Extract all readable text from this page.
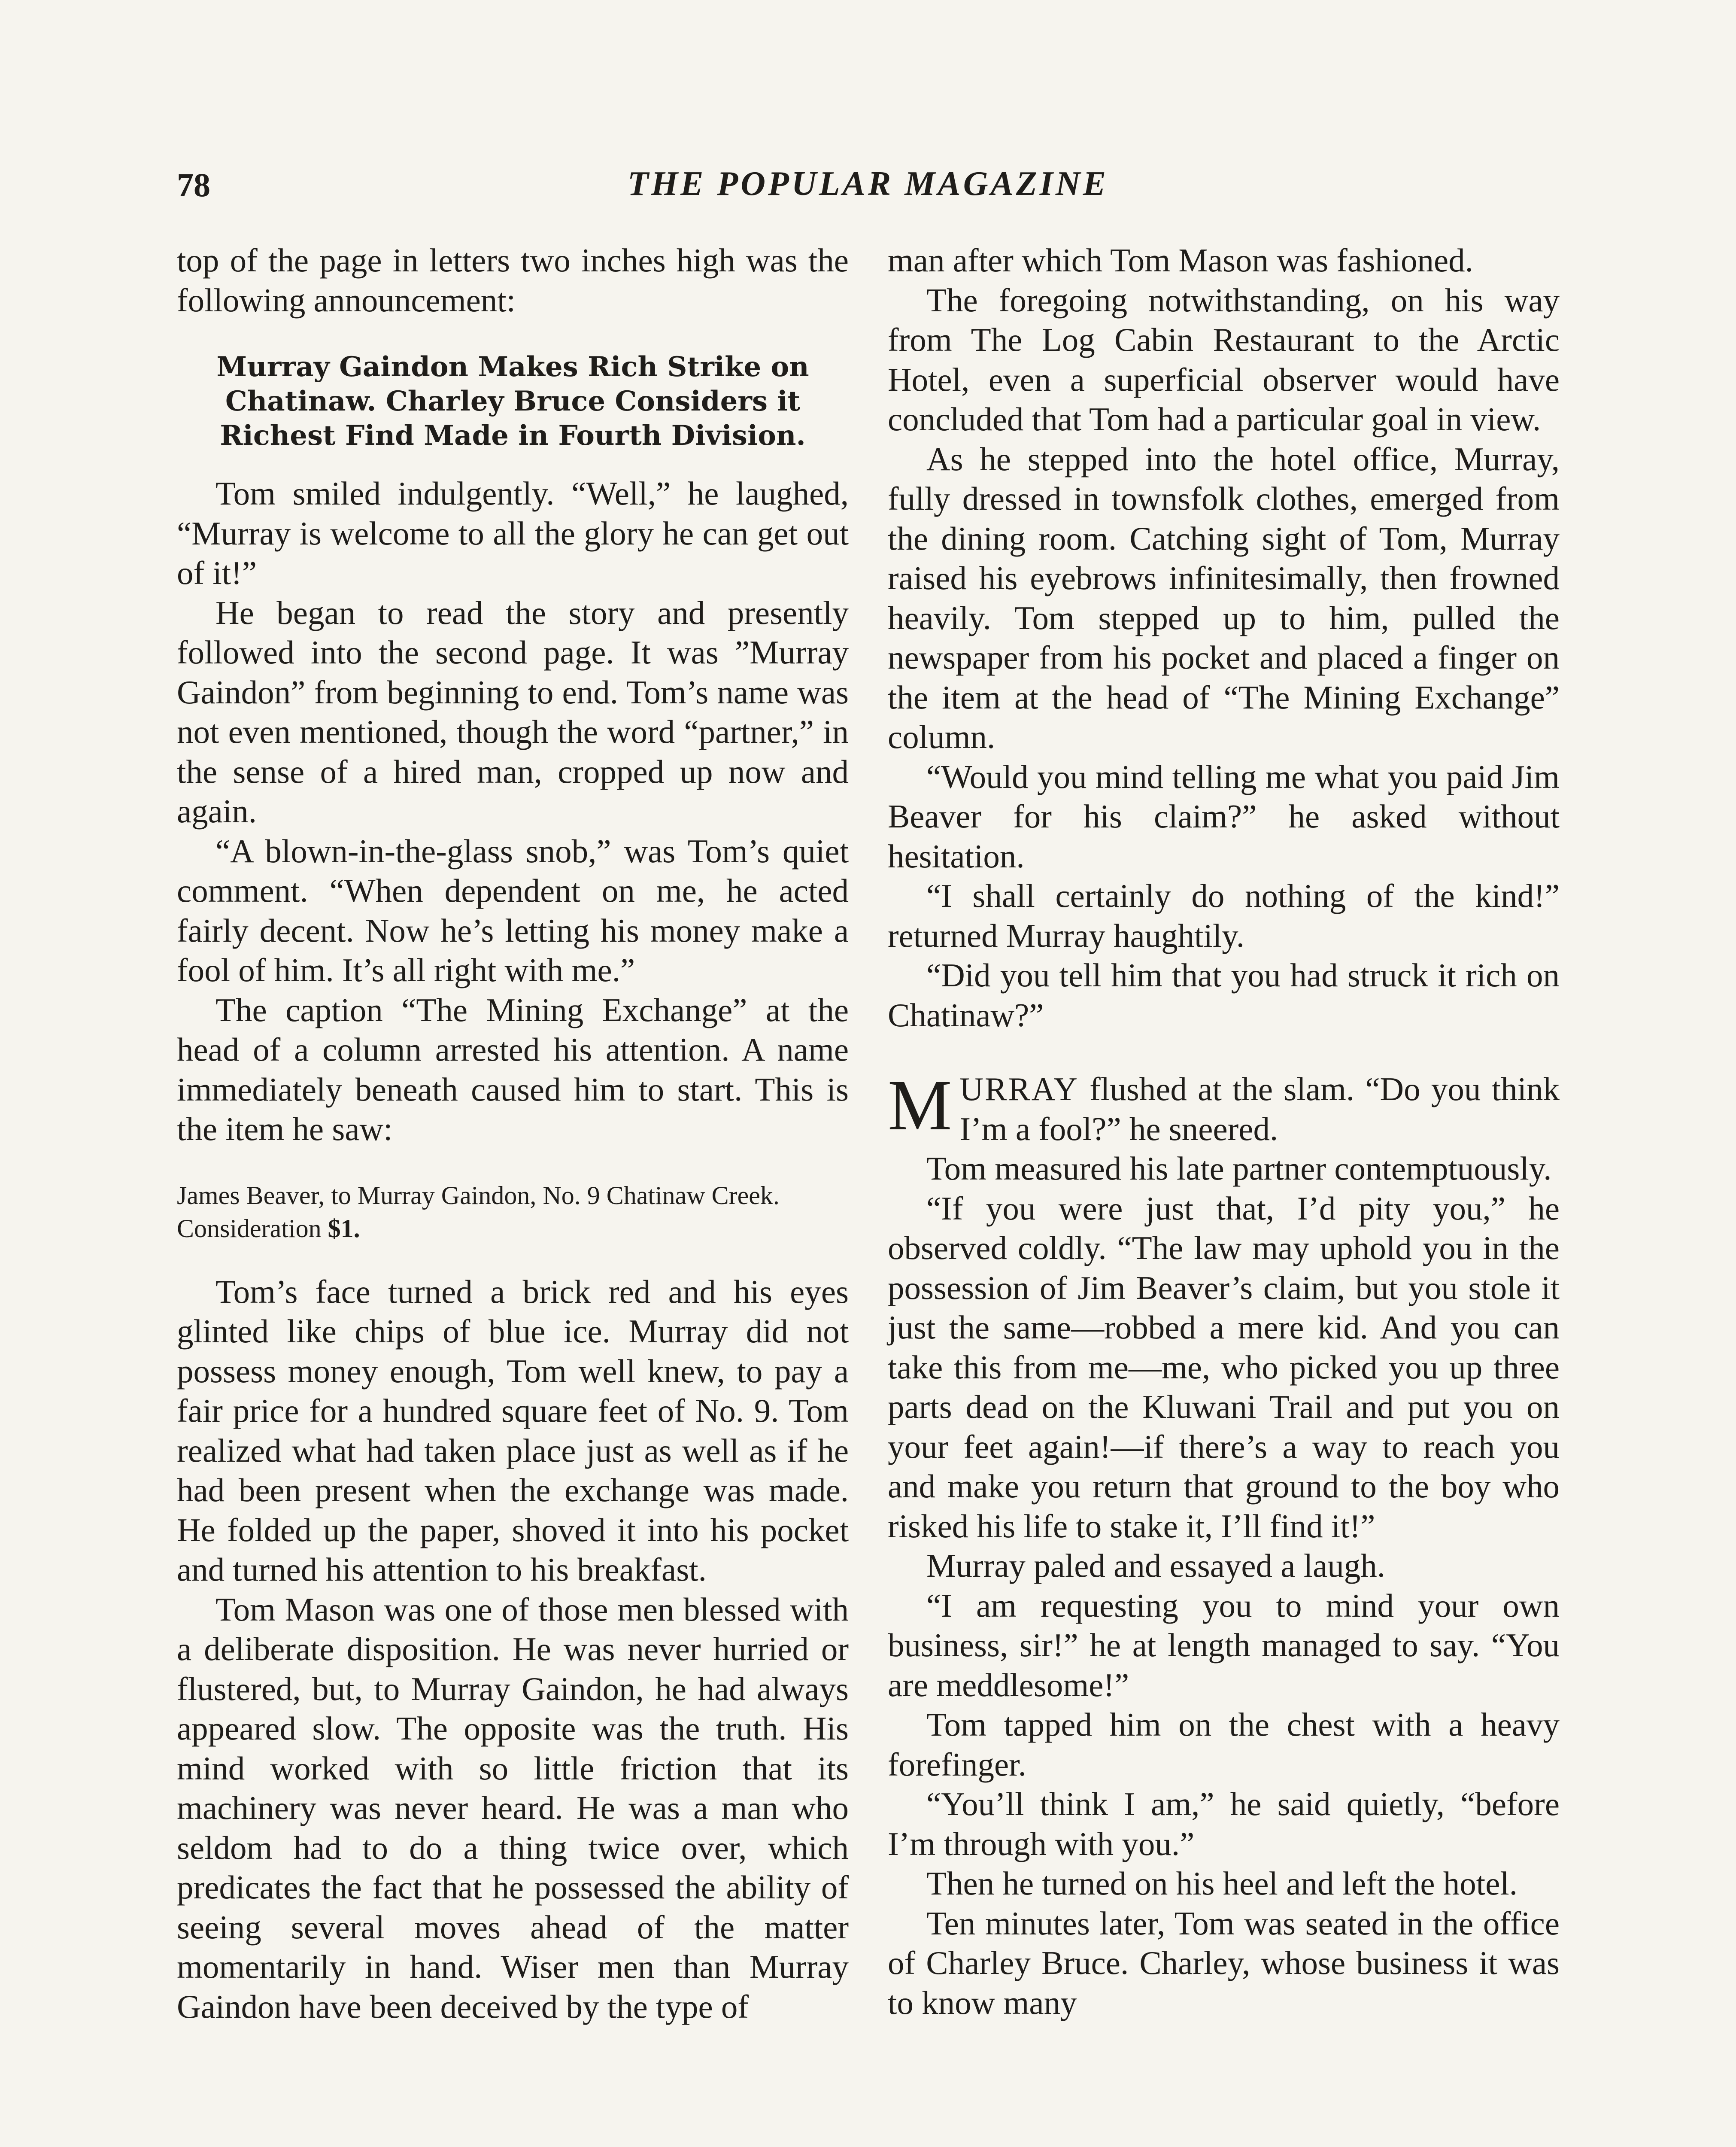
78	THE POPULAR MAGAZINE

top of the page in letters two inches high was the following announcement:

Murray Gaindon Makes Rich Strike on Chatinaw. Charley Bruce Considers it Richest Find Made in Fourth Division.

Tom smiled indulgently. “Well,” he laughed, “Murray is welcome to all the glory he can get out of it!”

He began to read the story and presently followed into the second page. It was ”Murray Gaindon” from beginning to end. Tom’s name was not even mentioned, though the word “partner,” in the sense of a hired man, cropped up now and again.

“A blown-in-the-glass snob,” was Tom’s quiet comment. “When dependent on me, he acted fairly decent. Now he’s letting his money make a fool of him. It’s all right with me.”

The caption “The Mining Exchange” at the head of a column arrested his attention. A name immediately beneath caused him to start. This is the item he saw:

James Beaver, to Murray Gaindon, No. 9 Chatinaw Creek. Consideration $1.

Tom’s face turned a brick red and his eyes glinted like chips of blue ice. Murray did not possess money enough, Tom well knew, to pay a fair price for a hundred square feet of No. 9. Tom realized what had taken place just as well as if he had been present when the exchange was made. He folded up the paper, shoved it into his pocket and turned his attention to his breakfast.

Tom Mason was one of those men blessed with a deliberate disposition. He was never hurried or flustered, but, to Murray Gaindon, he had always appeared slow. The opposite was the truth. His mind worked with so little friction that its machinery was never heard. He was a man who seldom had to do a thing twice over, which predicates the fact that he possessed the ability of seeing several moves ahead of the matter momentarily in hand. Wiser men than Murray Gaindon have been deceived by the type of

man after which Tom Mason was fashioned.

The foregoing notwithstanding, on his way from The Log Cabin Restaurant to the Arctic Hotel, even a superficial observer would have concluded that Tom had a particular goal in view.

As he stepped into the hotel office, Murray, fully dressed in townsfolk clothes, emerged from the dining room. Catching sight of Tom, Murray raised his eyebrows infinitesimally, then frowned heavily. Tom stepped up to him, pulled the newspaper from his pocket and placed a finger on the item at the head of “The Mining Exchange” column.

“Would you mind telling me what you paid Jim Beaver for his claim?” he asked without hesitation.

“I shall certainly do nothing of the kind!” returned Murray haughtily.

“Did you tell him that you had struck it rich on Chatinaw?”

MURRAY flushed at the slam. “Do you think I’m a fool?” he sneered.

Tom measured his late partner contemptuously.

“If you were just that, I’d pity you,” he observed coldly. “The law may uphold you in the possession of Jim Beaver’s claim, but you stole it just the same—robbed a mere kid. And you can take this from me—me, who picked you up three parts dead on the Kluwani Trail and put you on your feet again!—if there’s a way to reach you and make you return that ground to the boy who risked his life to stake it, I’ll find it!”

Murray paled and essayed a laugh.

“I am requesting you to mind your own business, sir!” he at length managed to say. “You are meddlesome!”

Tom tapped him on the chest with a heavy forefinger.

“You’ll think I am,” he said quietly, “before I’m through with you.”

Then he turned on his heel and left the hotel.

Ten minutes later, Tom was seated in the office of Charley Bruce. Charley, whose business it was to know many
